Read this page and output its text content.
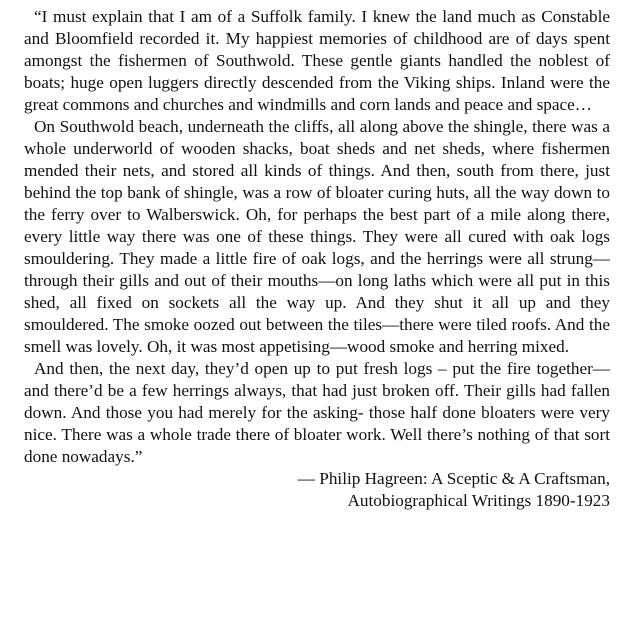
“I must explain that I am of a Suffolk family. I knew the land much as Constable and Bloomfield recorded it. My happiest memories of childhood are of days spent amongst the fishermen of Southwold. These gentle giants handled the noblest of boats; huge open luggers directly descended from the Viking ships. Inland were the great commons and churches and windmills and corn lands and peace and space…

On Southwold beach, underneath the cliffs, all along above the shingle, there was a whole underworld of wooden shacks, boat sheds and net sheds, where fishermen mended their nets, and stored all kinds of things. And then, south from there, just behind the top bank of shingle, was a row of bloater curing huts, all the way down to the ferry over to Walberswick. Oh, for perhaps the best part of a mile along there, every little way there was one of these things. They were all cured with oak logs smouldering. They made a little fire of oak logs, and the herrings were all strung—through their gills and out of their mouths—on long laths which were all put in this shed, all fixed on sockets all the way up. And they shut it all up and they smouldered. The smoke oozed out between the tiles—there were tiled roofs. And the smell was lovely. Oh, it was most appetising—wood smoke and herring mixed.

And then, the next day, they’d open up to put fresh logs – put the fire together—and there’d be a few herrings always, that had just broken off. Their gills had fallen down. And those you had merely for the asking- those half done bloaters were very nice. There was a whole trade there of bloater work. Well there’s nothing of that sort done nowadays.”

— Philip Hagreen: A Sceptic & A Craftsman,
Autobiographical Writings 1890-1923
